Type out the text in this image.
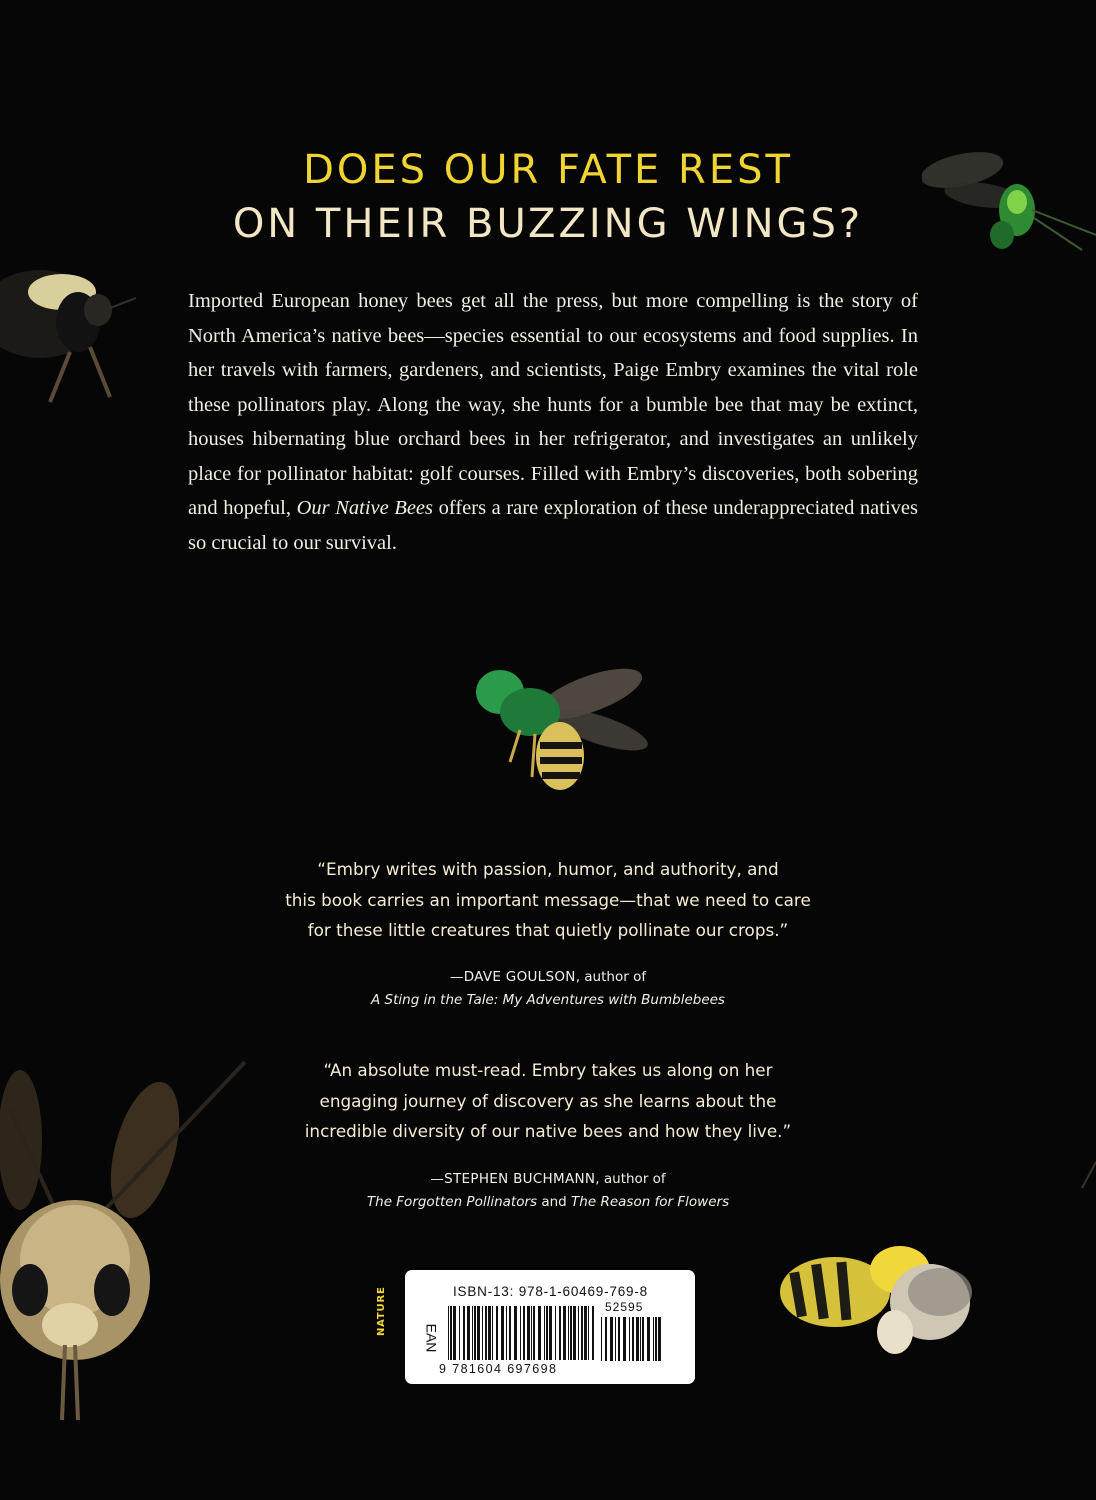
DOES OUR FATE REST
ON THEIR BUZZING WINGS?

Imported European honey bees get all the press, but more compelling is the story of North America’s native bees—species essential to our ecosystems and food supplies. In her travels with farmers, gardeners, and scientists, Paige Embry examines the vital role these pollinators play. Along the way, she hunts for a bumble bee that may be extinct, houses hibernating blue orchard bees in her refrigerator, and investigates an unlikely place for pollinator habitat: golf courses. Filled with Embry’s discoveries, both sobering and hopeful, Our Native Bees offers a rare exploration of these underappreciated natives so crucial to our survival.

“Embry writes with passion, humor, and authority, and
this book carries an important message—that we need to care
for these little creatures that quietly pollinate our crops.”
—DAVE GOULSON, author of
A Sting in the Tale: My Adventures with Bumblebees
“An absolute must-read. Embry takes us along on her
engaging journey of discovery as she learns about the
incredible diversity of our native bees and how they live.”
—STEPHEN BUCHMANN, author of
The Forgotten Pollinators and The Reason for Flowers
NATURE	ISBN-13: 978-1-60469-769-8
EAN
52595
9 781604 697698
